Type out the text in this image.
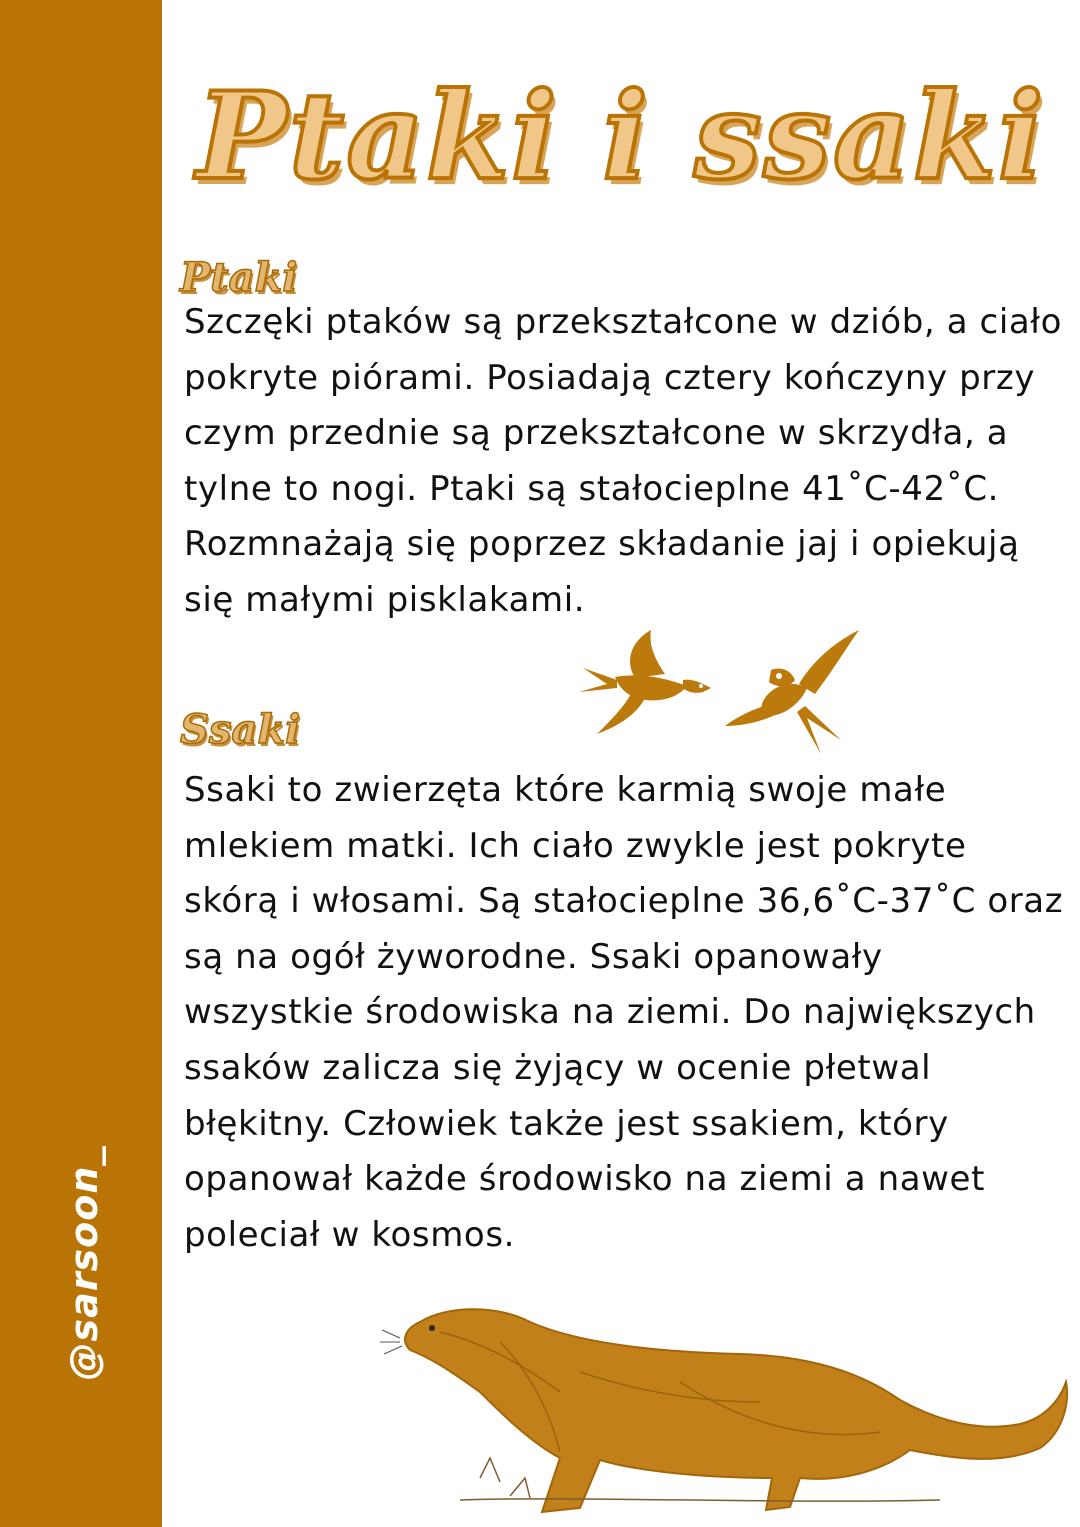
@sarsoon_
Ptaki i ssaki
Ptaki

Szczęki ptaków są przekształcone w dziób, a ciało pokryte piórami. Posiadają cztery kończyny przy czym przednie są przekształcone w skrzydła, a tylne to nogi. Ptaki są stałocieplne 41˚C-42˚C. Rozmnażają się poprzez składanie jaj i opiekują się małymi pisklakami.

Ssaki

Ssaki to zwierzęta które karmią swoje małe mlekiem matki. Ich ciało zwykle jest pokryte skórą i włosami. Są stałocieplne 36,6˚C-37˚C oraz są na ogół żyworodne. Ssaki opanowały wszystkie środowiska na ziemi. Do największych ssaków zalicza się żyjący w ocenie płetwal błękitny. Człowiek także jest ssakiem, który opanował każde środowisko na ziemi a nawet poleciał w kosmos.
